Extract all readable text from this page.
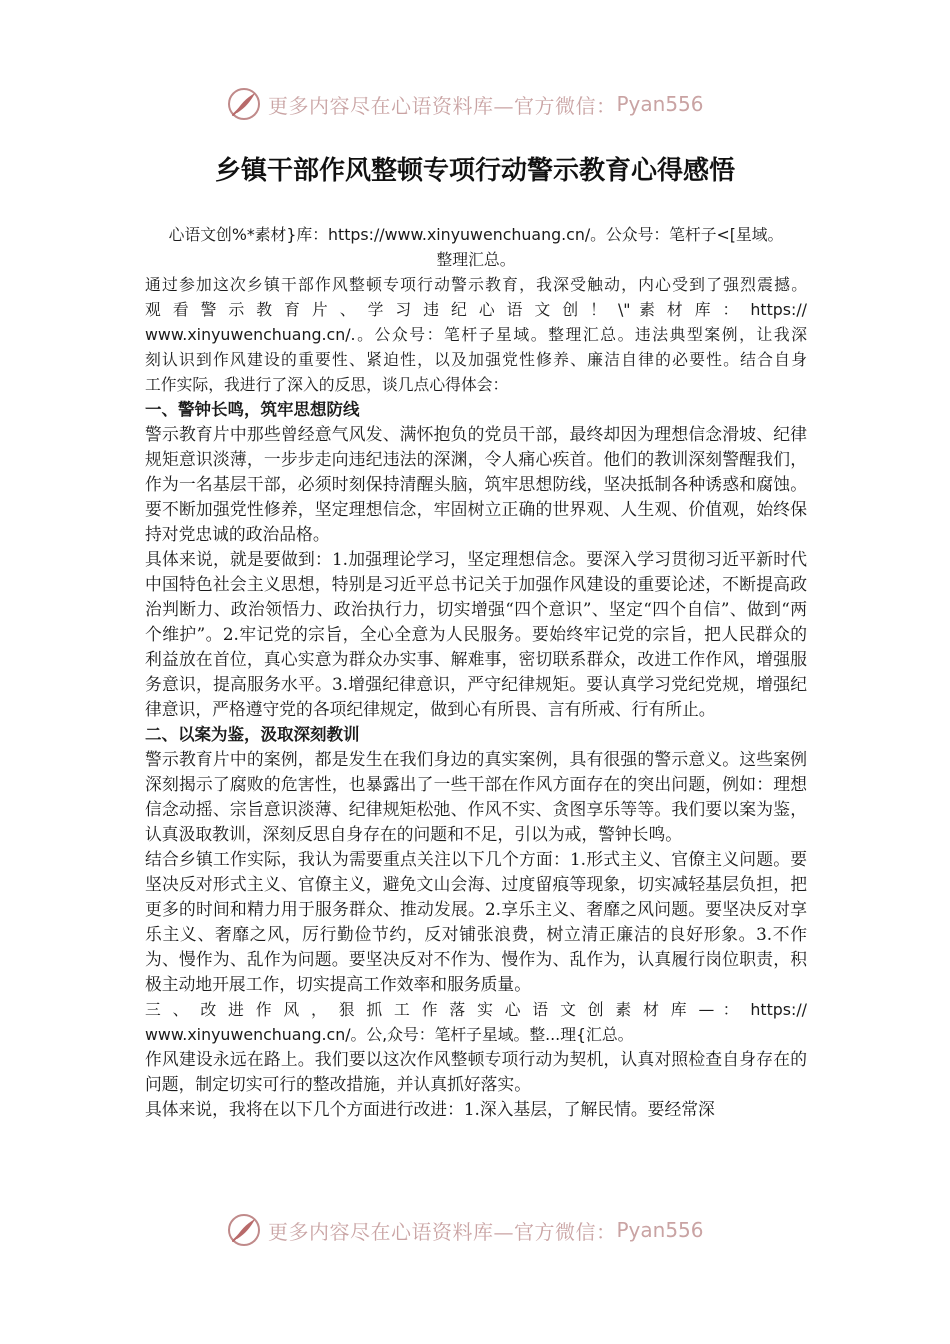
更多内容尽在心语资料库—官方微信： Pyan556
乡镇干部作风整顿专项行动警示教育心得感悟
心语文创%*素材}库：https://www.xinyuwenchuang.cn/。公众号：笔杆子<[星域。
整理汇总。
通过参加这次乡镇干部作风整顿专项行动警示教育，我深受触动，内心受到了强烈震撼。
观 看 警 示 教 育 片 、 学 习 违 纪 心 语 文 创 ！ \" 素 材 库 ： https://
www.xinyuwenchuang.cn/.。公众号：笔杆子星域。整理汇总。违法典型案例，让我深
刻认识到作风建设的重要性、紧迫性，以及加强党性修养、廉洁自律的必要性。结合自身
工作实际，我进行了深入的反思，谈几点心得体会：

一、警钟长鸣，筑牢思想防线

警示教育片中那些曾经意气风发、满怀抱负的党员干部，最终却因为理想信念滑坡、纪律规矩意识淡薄，一步步走向违纪违法的深渊，令人痛心疾首。他们的教训深刻警醒我们，作为一名基层干部，必须时刻保持清醒头脑，筑牢思想防线，坚决抵制各种诱惑和腐蚀。要不断加强党性修养，坚定理想信念，牢固树立正确的世界观、人生观、价值观，始终保持对党忠诚的政治品格。

具体来说，就是要做到：1.加强理论学习，坚定理想信念。要深入学习贯彻习近平新时代中国特色社会主义思想，特别是习近平总书记关于加强作风建设的重要论述，不断提高政治判断力、政治领悟力、政治执行力，切实增强“四个意识”、坚定“四个自信”、做到“两个维护”。2.牢记党的宗旨，全心全意为人民服务。要始终牢记党的宗旨，把人民群众的利益放在首位，真心实意为群众办实事、解难事，密切联系群众，改进工作作风，增强服务意识，提高服务水平。3.增强纪律意识，严守纪律规矩。要认真学习党纪党规，增强纪律意识，严格遵守党的各项纪律规定，做到心有所畏、言有所戒、行有所止。

二、以案为鉴，汲取深刻教训

警示教育片中的案例，都是发生在我们身边的真实案例，具有很强的警示意义。这些案例深刻揭示了腐败的危害性，也暴露出了一些干部在作风方面存在的突出问题，例如：理想信念动摇、宗旨意识淡薄、纪律规矩松弛、作风不实、贪图享乐等等。我们要以案为鉴，认真汲取教训，深刻反思自身存在的问题和不足，引以为戒，警钟长鸣。

结合乡镇工作实际，我认为需要重点关注以下几个方面：1.形式主义、官僚主义问题。要坚决反对形式主义、官僚主义，避免文山会海、过度留痕等现象，切实减轻基层负担，把更多的时间和精力用于服务群众、推动发展。2.享乐主义、奢靡之风问题。要坚决反对享乐主义、奢靡之风，厉行勤俭节约，反对铺张浪费，树立清正廉洁的良好形象。3.不作为、慢作为、乱作为问题。要坚决反对不作为、慢作为、乱作为，认真履行岗位职责，积极主动地开展工作，切实提高工作效率和服务质量。

三 、 改 进 作 风 ， 狠 抓 工 作 落 实 心 语 文 创 素 材 库 — ： https://
www.xinyuwenchuang.cn/。公,众号：笔杆子星域。整...理{汇总。

作风建设永远在路上。我们要以这次作风整顿专项行动为契机，认真对照检查自身存在的问题，制定切实可行的整改措施，并认真抓好落实。

具体来说，我将在以下几个方面进行改进：1.深入基层，了解民情。要经常深

更多内容尽在心语资料库—官方微信： Pyan556
